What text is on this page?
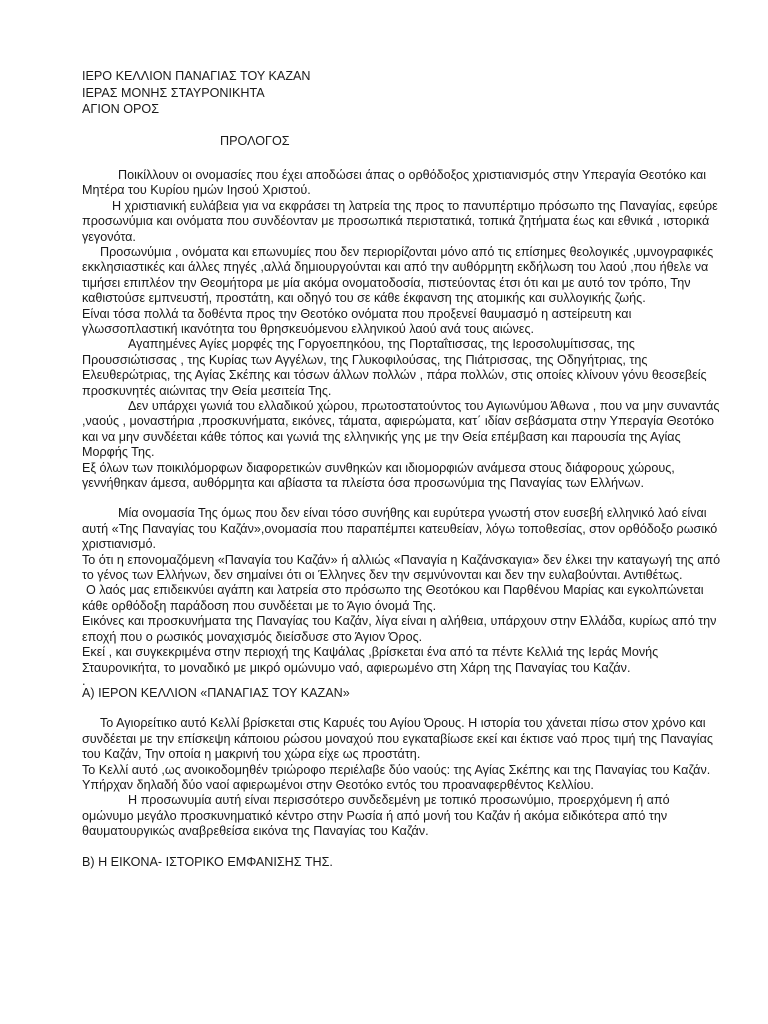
ΙΕΡΟ ΚΕΛΛΙΟΝ ΠΑΝΑΓΙΑΣ ΤΟΥ ΚΑΖΑΝ

ΙΕΡΑΣ ΜΟΝΗΣ ΣΤΑΥΡΟΝΙΚΗΤΑ

ΑΓΙΟΝ ΟΡΟΣ

ΠΡΟΛΟΓΟΣ

Ποικίλλουν οι ονομασίες που έχει αποδώσει άπας ο ορθόδοξος χριστιανισμός στην Υπεραγία Θεοτόκο και Μητέρα του Κυρίου ημών Ιησού Χριστού.

Η χριστιανική ευλάβεια για να εκφράσει τη λατρεία της προς το πανυπέρτιμο πρόσωπο της Παναγίας, εφεύρε προσωνύμια και ονόματα που συνδέονταν με προσωπικά περιστατικά, τοπικά ζητήματα έως και εθνικά , ιστορικά γεγονότα.

Προσωνύμια , ονόματα και επωνυμίες που δεν περιορίζονται μόνο από τις επίσημες θεολογικές ,υμνογραφικές εκκλησιαστικές και άλλες πηγές ,αλλά δημιουργούνται και από την αυθόρμητη εκδήλωση του λαού ,που ήθελε να τιμήσει επιπλέον την Θεομήτορα με μία ακόμα ονοματοδοσία, πιστεύοντας έτσι ότι και με αυτό τον τρόπο, Την καθιστούσε εμπνευστή, προστάτη, και οδηγό του σε κάθε έκφανση της ατομικής και συλλογικής ζωής.

Είναι τόσα πολλά τα δοθέντα προς την Θεοτόκο ονόματα που προξενεί θαυμασμό η αστείρευτη και γλωσσοπλαστική ικανότητα του θρησκευόμενου ελληνικού λαού ανά τους αιώνες.

Αγαπημένες Αγίες μορφές της Γοργοεπηκόου, της Πορταΐτισσας, της Ιεροσολυμίτισσας, της Προυσσιώτισσας , της Κυρίας των Αγγέλων, της Γλυκοφιλούσας, της Πιάτρισσας, της Οδηγήτριας, της Ελευθερώτριας, της Αγίας Σκέπης και τόσων άλλων πολλών , πάρα πολλών, στις οποίες κλίνουν γόνυ θεοσεβείς προσκυνητές αιώνιτας την Θεία μεσιτεία Της.

Δεν υπάρχει γωνιά του ελλαδικού χώρου, πρωτοστατούντος του Αγιωνύμου Άθωνα , που να μην συναντάς ,ναούς , μοναστήρια ,προσκυνήματα, εικόνες, τάματα, αφιερώματα, κατ΄ ιδίαν σεβάσματα στην Υπεραγία Θεοτόκο και να μην συνδέεται κάθε τόπος και γωνιά της ελληνικής γης με την Θεία επέμβαση και παρουσία της Αγίας Μορφής Της.

Εξ όλων των ποικιλόμορφων διαφορετικών συνθηκών και ιδιομορφιών ανάμεσα στους διάφορους χώρους, γεννήθηκαν άμεσα, αυθόρμητα και αβίαστα τα πλείστα όσα προσωνύμια της Παναγίας των Ελλήνων.

Μία ονομασία Της όμως που δεν είναι τόσο συνήθης και ευρύτερα γνωστή στον ευσεβή ελληνικό λαό είναι αυτή «Της Παναγίας του Καζάν»,ονομασία που παραπέμπει κατευθείαν, λόγω τοποθεσίας, στον ορθόδοξο ρωσικό χριστιανισμό.

Το ότι η επονομαζόμενη «Παναγία του Καζάν» ή αλλιώς «Παναγία η Καζάνσκαγια» δεν έλκει την καταγωγή της από το γένος των Ελλήνων, δεν σημαίνει ότι οι Έλληνες δεν την σεμνύνονται και δεν την ευλαβούνται. Αντιθέτως.

Ο λαός μας επιδεικνύει αγάπη και λατρεία στο πρόσωπο της Θεοτόκου και Παρθένου Μαρίας και εγκολπώνεται κάθε ορθόδοξη παράδοση που συνδέεται με το Άγιο όνομά Της.

Εικόνες και προσκυνήματα της Παναγίας του Καζάν, λίγα είναι η αλήθεια, υπάρχουν στην Ελλάδα, κυρίως από την εποχή που ο ρωσικός μοναχισμός διείσδυσε στο Άγιον Όρος.

Εκεί , και συγκεκριμένα στην περιοχή της Καψάλας ,βρίσκεται ένα από τα πέντε Κελλιά της Ιεράς Μονής Σταυρονικήτα, το μοναδικό με μικρό ομώνυμο ναό, αφιερωμένο στη Χάρη της Παναγίας του Καζάν.

.

Α) ΙΕΡΟΝ ΚΕΛΛΙΟΝ «ΠΑΝΑΓΙΑΣ ΤΟΥ ΚΑΖΑΝ»

Το Αγιορείτικο αυτό Κελλί βρίσκεται στις Καρυές του Αγίου Όρους. Η ιστορία του χάνεται πίσω στον χρόνο και συνδέεται με την επίσκεψη κάποιου ρώσου μοναχού που εγκαταβίωσε εκεί και έκτισε ναό προς τιμή της Παναγίας του Καζάν, Την οποία η μακρινή του χώρα είχε ως προστάτη.

Το Κελλί αυτό ,ως ανοικοδομηθέν τριώροφο περιέλαβε δύο ναούς: της Αγίας Σκέπης και της Παναγίας του Καζάν. Υπήρχαν δηλαδή δύο ναοί αφιερωμένοι στην Θεοτόκο εντός του προαναφερθέντος Κελλίου.

Η προσωνυμία αυτή είναι περισσότερο συνδεδεμένη με τοπικό προσωνύμιο, προερχόμενη ή από ομώνυμο μεγάλο προσκυνηματικό κέντρο στην Ρωσία ή από μονή του Καζάν ή ακόμα ειδικότερα από την θαυματουργικώς αναβρεθείσα εικόνα της Παναγίας του Καζάν.

Β) Η ΕΙΚΟΝΑ- ΙΣΤΟΡΙΚΟ ΕΜΦΑΝΙΣΗΣ ΤΗΣ.
